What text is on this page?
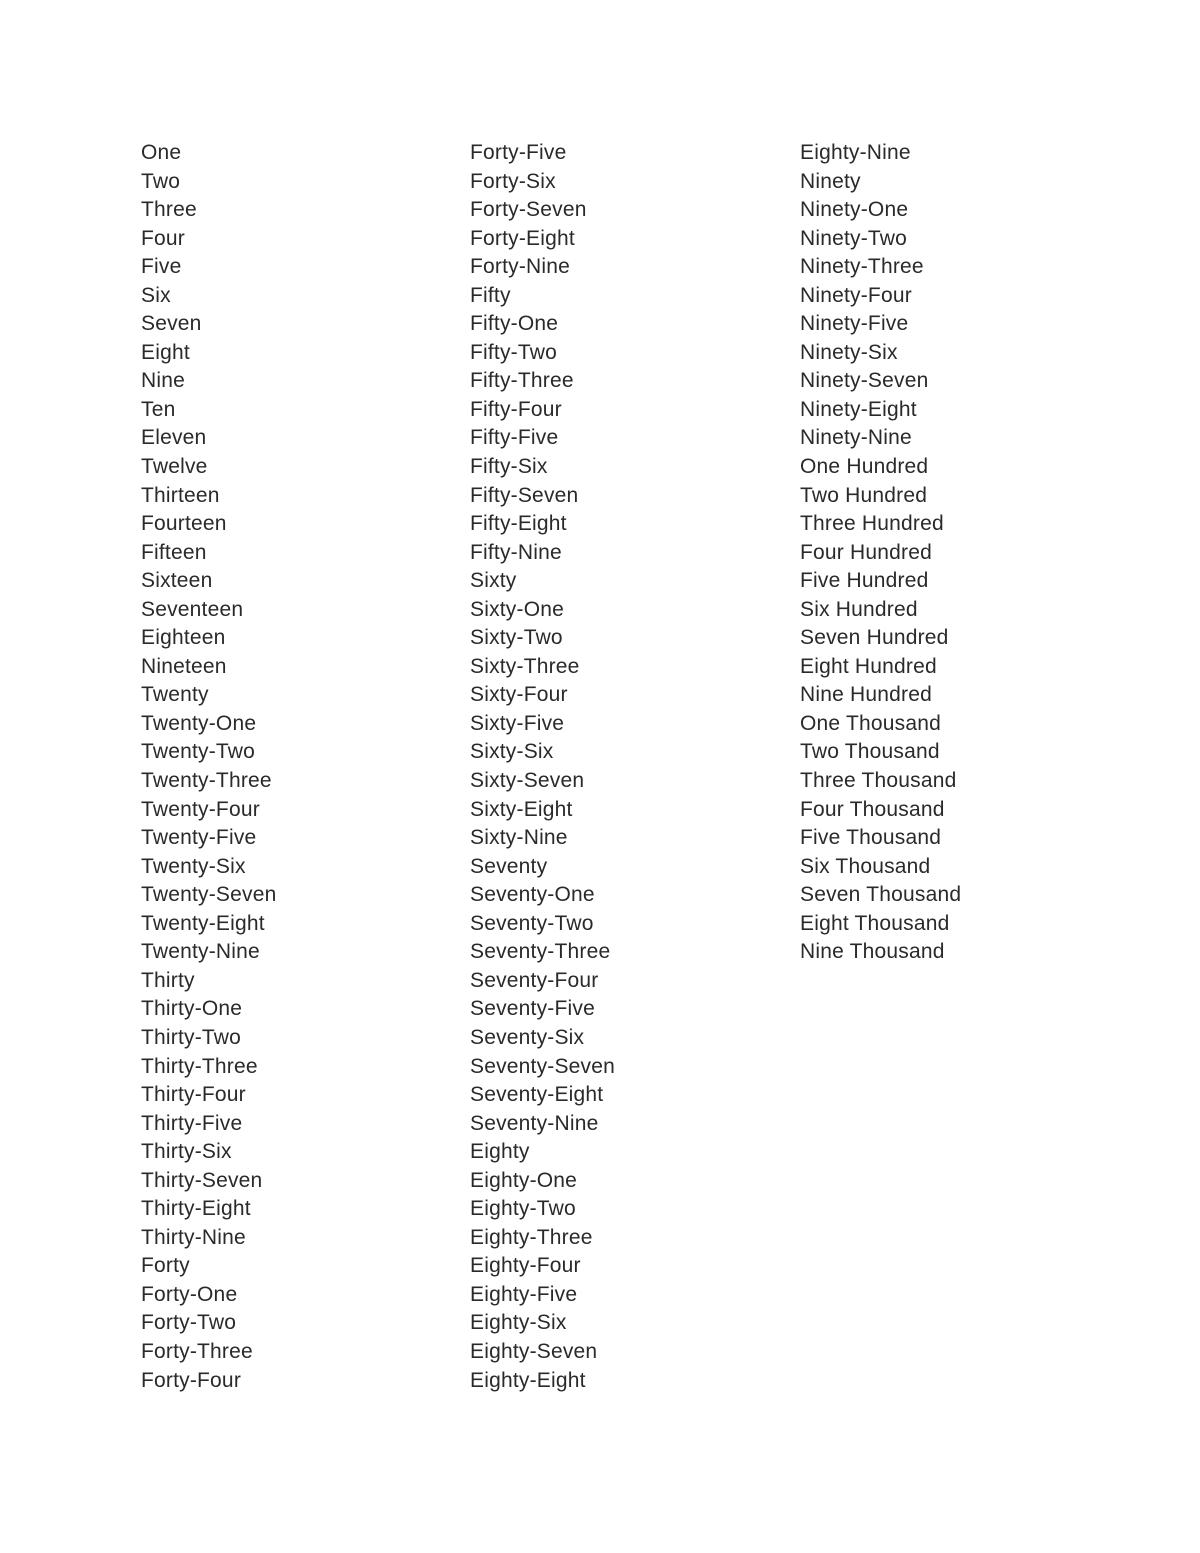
One
Two
Three
Four
Five
Six
Seven
Eight
Nine
Ten
Eleven
Twelve
Thirteen
Fourteen
Fifteen
Sixteen
Seventeen
Eighteen
Nineteen
Twenty
Twenty-One
Twenty-Two
Twenty-Three
Twenty-Four
Twenty-Five
Twenty-Six
Twenty-Seven
Twenty-Eight
Twenty-Nine
Thirty
Thirty-One
Thirty-Two
Thirty-Three
Thirty-Four
Thirty-Five
Thirty-Six
Thirty-Seven
Thirty-Eight
Thirty-Nine
Forty
Forty-One
Forty-Two
Forty-Three
Forty-Four
Forty-Five
Forty-Six
Forty-Seven
Forty-Eight
Forty-Nine
Fifty
Fifty-One
Fifty-Two
Fifty-Three
Fifty-Four
Fifty-Five
Fifty-Six
Fifty-Seven
Fifty-Eight
Fifty-Nine
Sixty
Sixty-One
Sixty-Two
Sixty-Three
Sixty-Four
Sixty-Five
Sixty-Six
Sixty-Seven
Sixty-Eight
Sixty-Nine
Seventy
Seventy-One
Seventy-Two
Seventy-Three
Seventy-Four
Seventy-Five
Seventy-Six
Seventy-Seven
Seventy-Eight
Seventy-Nine
Eighty
Eighty-One
Eighty-Two
Eighty-Three
Eighty-Four
Eighty-Five
Eighty-Six
Eighty-Seven
Eighty-Eight
Eighty-Nine
Ninety
Ninety-One
Ninety-Two
Ninety-Three
Ninety-Four
Ninety-Five
Ninety-Six
Ninety-Seven
Ninety-Eight
Ninety-Nine
One Hundred
Two Hundred
Three Hundred
Four Hundred
Five Hundred
Six Hundred
Seven Hundred
Eight Hundred
Nine Hundred
One Thousand
Two Thousand
Three Thousand
Four Thousand
Five Thousand
Six Thousand
Seven Thousand
Eight Thousand
Nine Thousand
